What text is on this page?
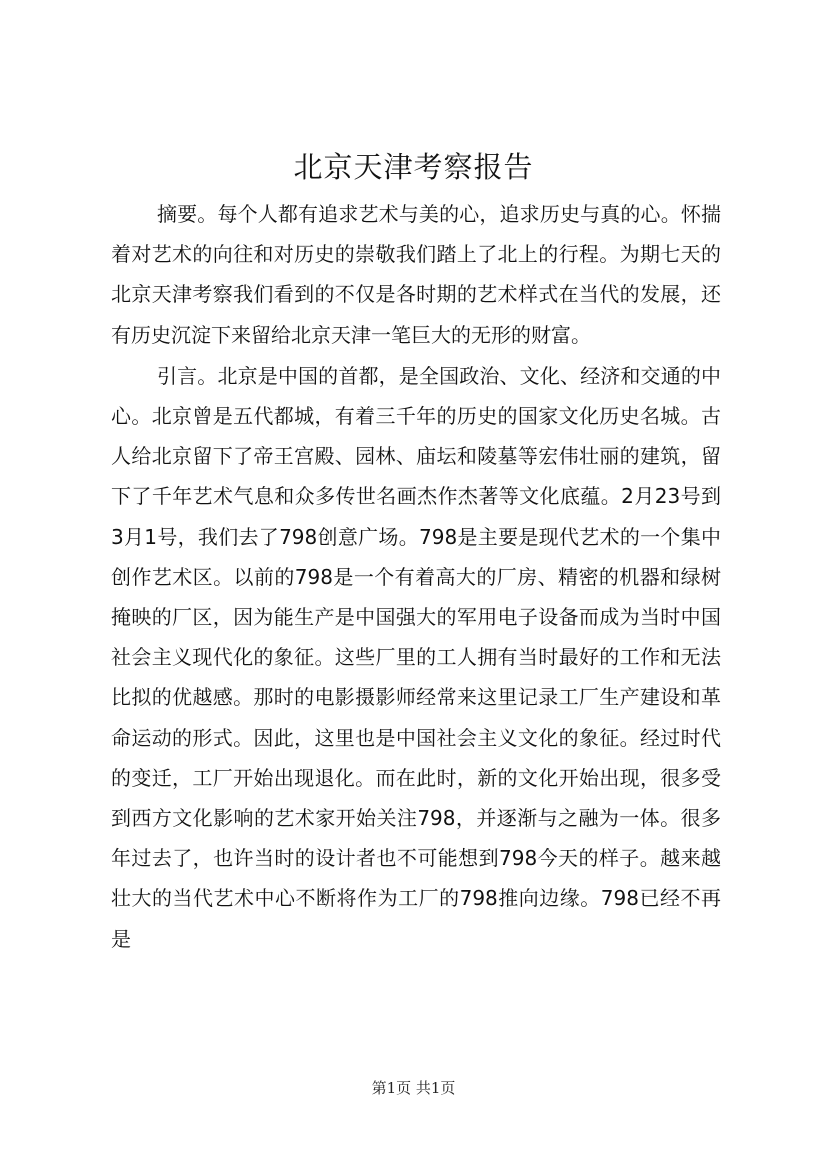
北京天津考察报告

摘要。每个人都有追求艺术与美的心，追求历史与真的心。怀揣着对艺术的向往和对历史的崇敬我们踏上了北上的行程。为期七天的北京天津考察我们看到的不仅是各时期的艺术样式在当代的发展，还有历史沉淀下来留给北京天津一笔巨大的无形的财富。

引言。北京是中国的首都，是全国政治、文化、经济和交通的中心。北京曾是五代都城，有着三千年的历史的国家文化历史名城。古人给北京留下了帝王宫殿、园林、庙坛和陵墓等宏伟壮丽的建筑，留下了千年艺术气息和众多传世名画杰作杰著等文化底蕴。2月23号到3月1号，我们去了798创意广场。798是主要是现代艺术的一个集中创作艺术区。以前的798是一个有着高大的厂房、精密的机器和绿树掩映的厂区，因为能生产是中国强大的军用电子设备而成为当时中国社会主义现代化的象征。这些厂里的工人拥有当时最好的工作和无法比拟的优越感。那时的电影摄影师经常来这里记录工厂生产建设和革命运动的形式。因此，这里也是中国社会主义文化的象征。经过时代的变迁，工厂开始出现退化。而在此时，新的文化开始出现，很多受到西方文化影响的艺术家开始关注798，并逐渐与之融为一体。很多年过去了，也许当时的设计者也不可能想到798今天的样子。越来越壮大的当代艺术中心不断将作为工厂的798推向边缘。798已经不再是

第1页 共1页
